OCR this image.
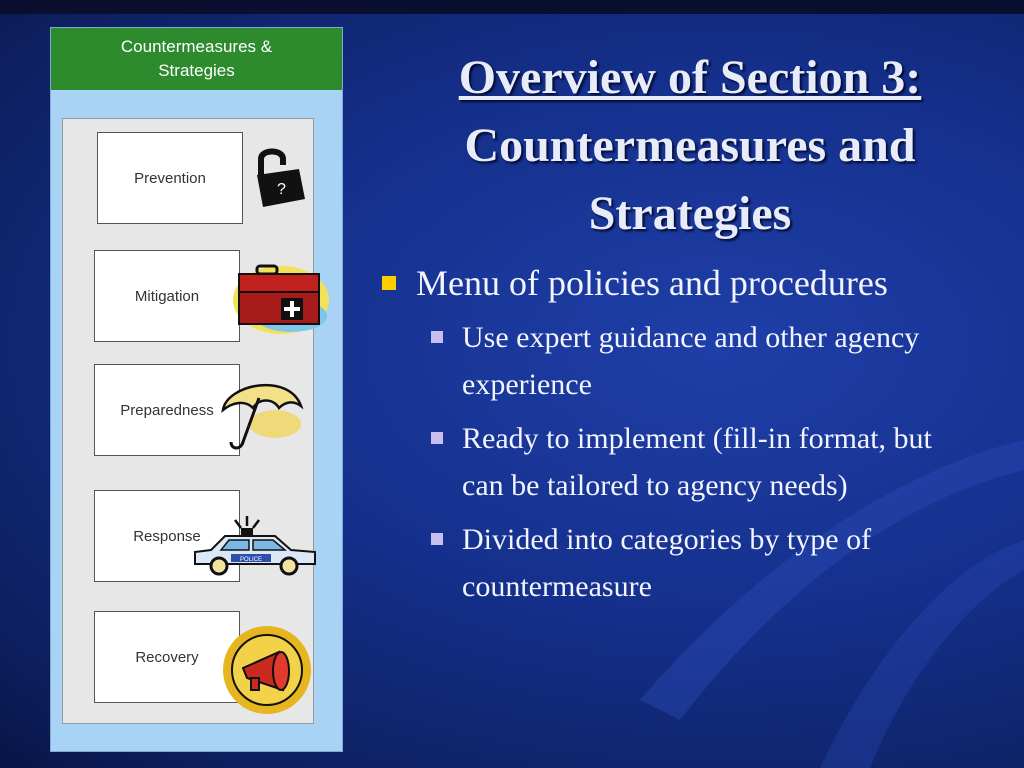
Countermeasures &
Strategies
Prevention
Mitigation
Preparedness
Response
Recovery
?
POLICE
Overview of Section 3:
Countermeasures and Strategies
Menu of policies and procedures
Use expert guidance and other agency experience
Ready to implement (fill-in format, but can be tailored to agency needs)
Divided into categories by type of countermeasure
